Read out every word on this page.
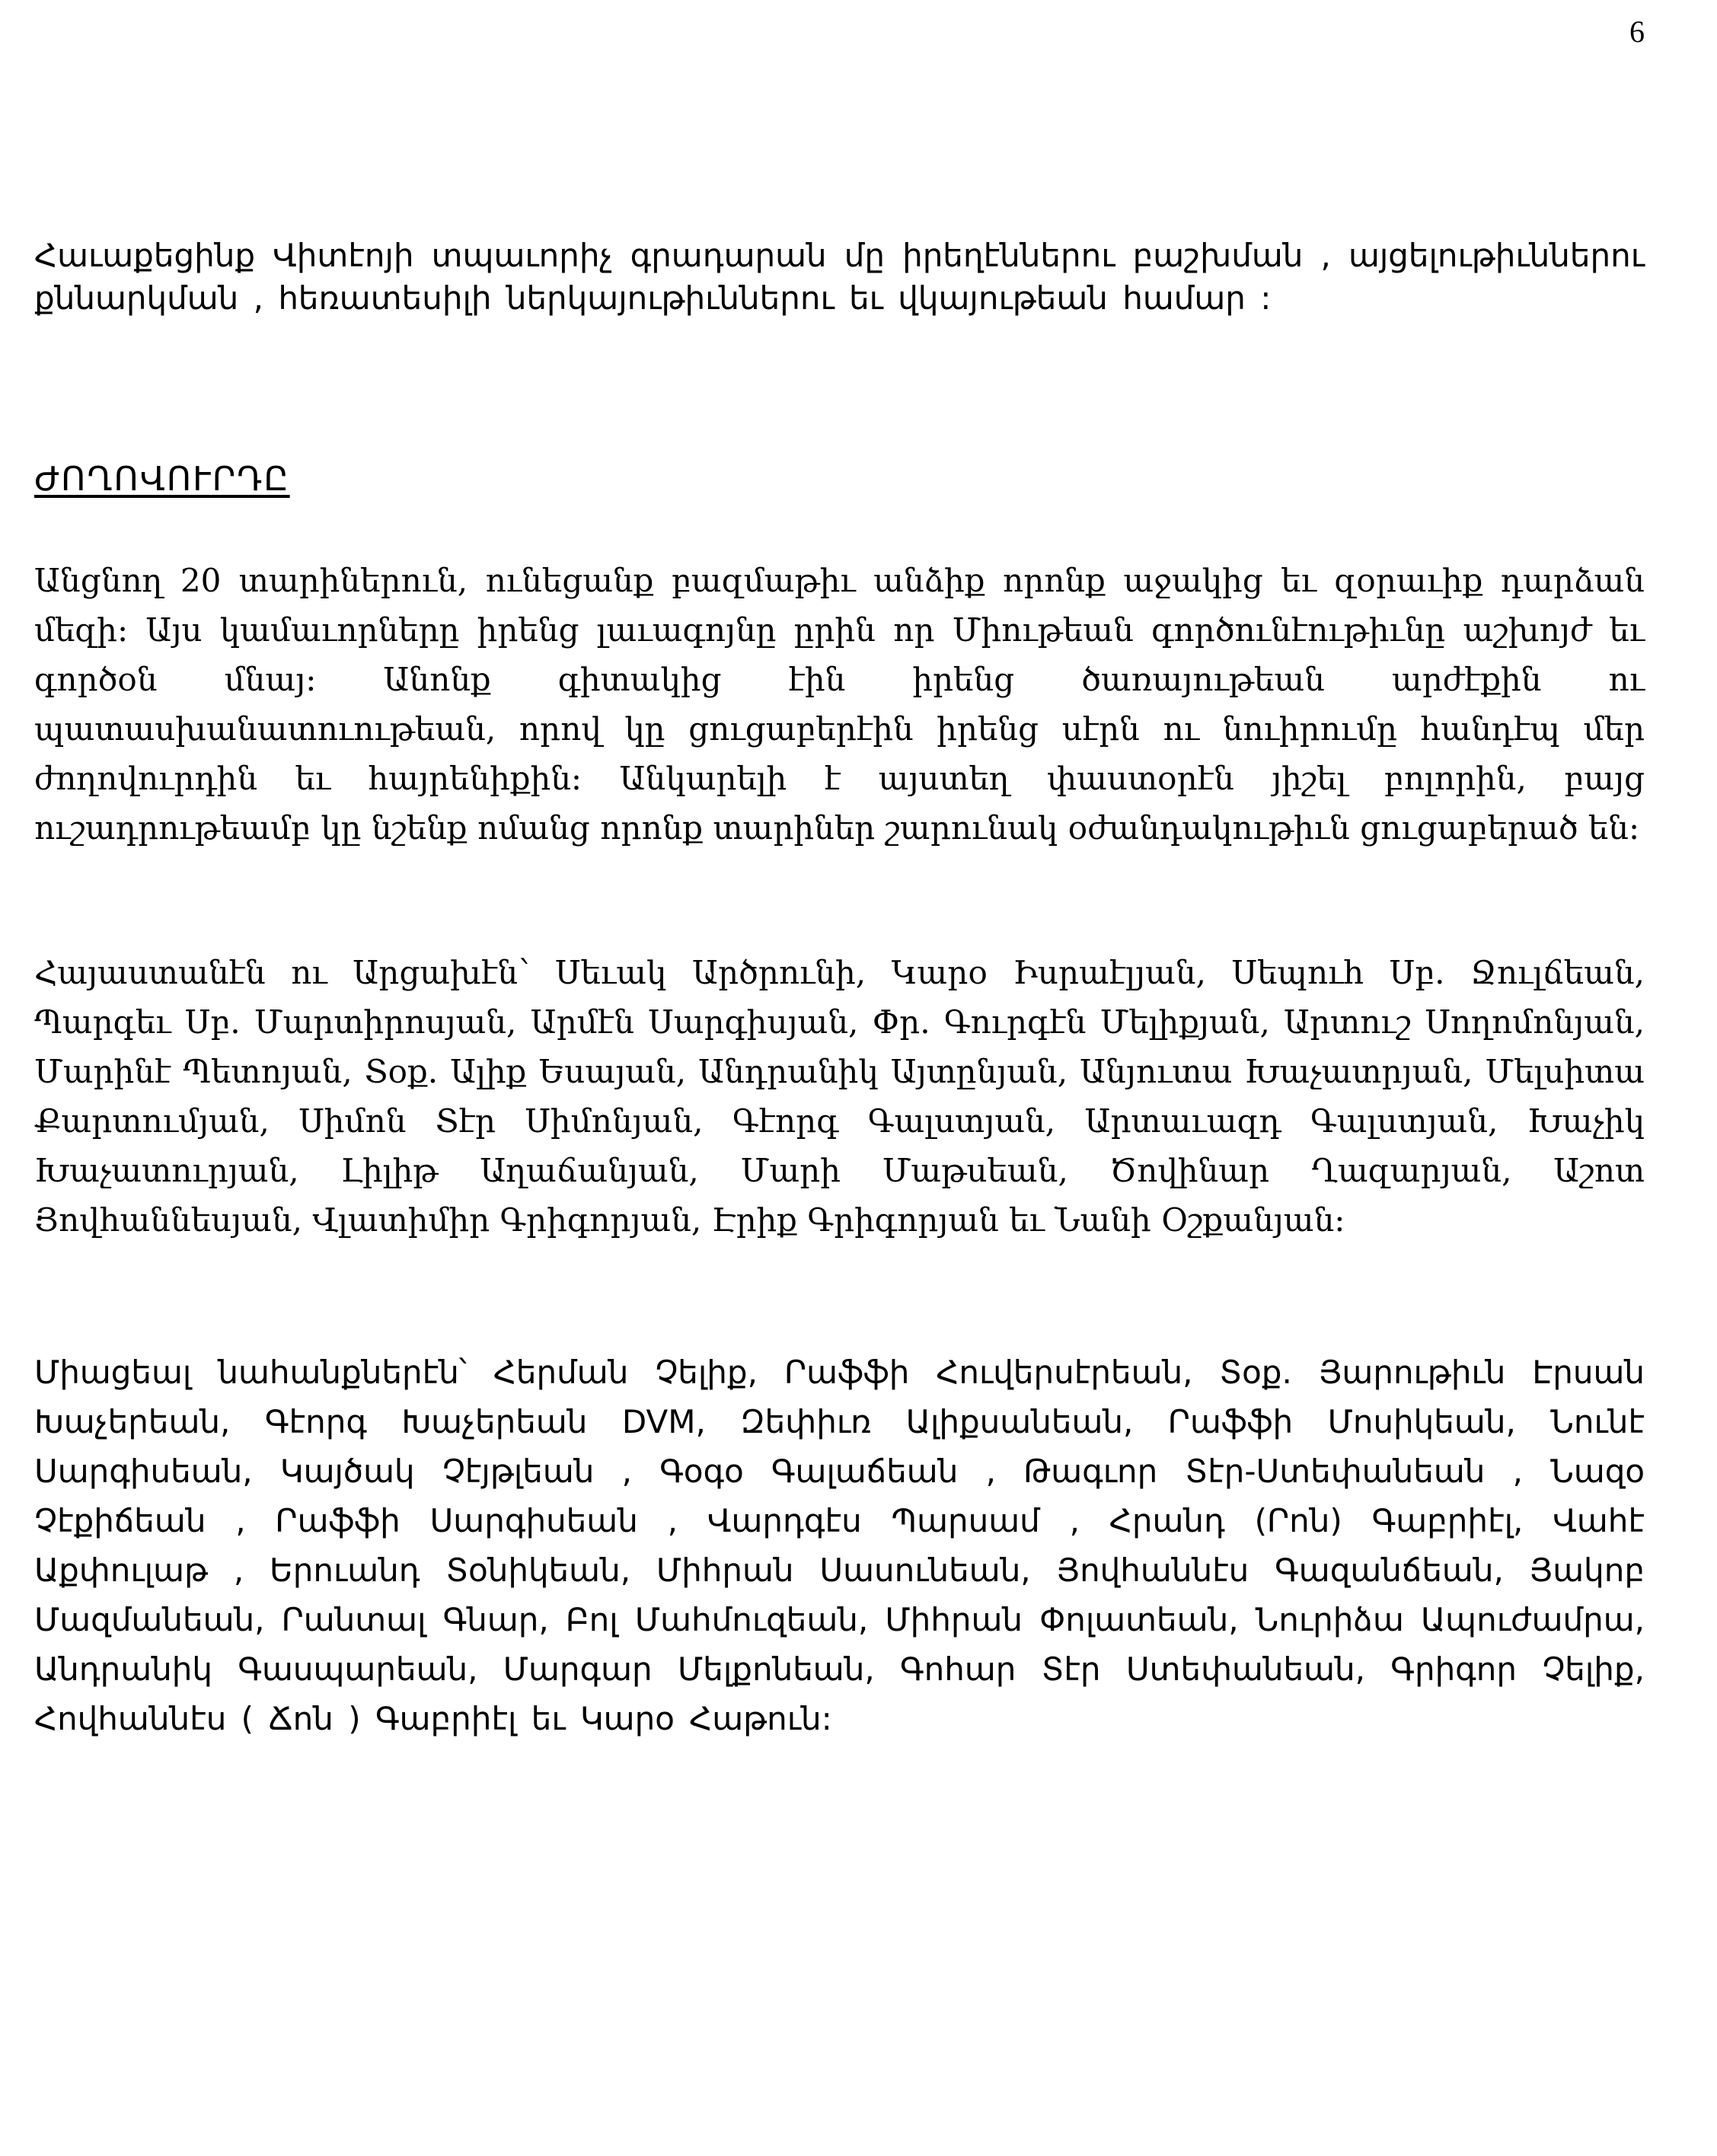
6

Հաւաքեցինք Վիտէոյի տպաւորիչ գրադարան մը իրեղէններու բաշխման , այցելութիւններու քննարկման , հեռատեսիլի ներկայութիւններու եւ վկայութեան համար :

ԺՈՂՈՎՈՒՐԴԸ

Անցնող 20 տարիներուն, ունեցանք բազմաթիւ անձիք որոնք աջակից եւ զօրաւիք դարձան մեզի: Այս կամաւորները իրենց լաւագոյնը ըրին որ Միութեան գործունէութիւնը աշխոյժ եւ գործօն մնայ: Անոնք գիտակից էին իրենց ծառայութեան արժէքին ու պատասխանատուութեան, որով կը ցուցաբերէին իրենց սէրն ու նուիրումը հանդէպ մեր ժողովուրդին եւ հայրենիքին: Անկարելի է այստեղ փաստօրէն յիշել բոլորին, բայց ուշադրութեամբ կը նշենք ոմանց որոնք տարիներ շարունակ օժանդակութիւն ցուցաբերած են:

Հայաստանէն ու Արցախէն՝ Սեւակ Արծրունի, Կարօ Իսրաէլյան, Սեպուհ Սբ. Ջուլճեան, Պարգեւ Սբ. Մարտիրոսյան, Արմէն Սարգիսյան, Փր. Գուրգէն Մելիքյան, Արտուշ Սողոմոնյան, Մարինէ Պետոյան, Տօք. Ալիք Եսայան, Անդրանիկ Այտընյան, Անյուտա Խաչատրյան, Մելսիտա Քարտումյան, Սիմոն Տէր Սիմոնյան, Գէորգ Գալստյան, Արտաւազդ Գալստյան, Խաչիկ Խաչատուրյան, Լիլիթ Աղաճանյան, Մարի Մաթսեան, Ծովինար Ղազարյան, Աշոտ Յովհաննեսյան, Վլատիմիր Գրիգորյան, Էրիք Գրիգորյան եւ Նանի Օշքանյան:

Միացեալ նահանքներէն՝ Հերման Չելիք, Րաֆֆի Հուվերսէրեան, Տօք. Յարութիւն Էրսան Խաչերեան, Գէորգ Խաչերեան DVM, Զեփիւռ Ալիքսանեան, Րաֆֆի Մոսիկեան, Նունէ Սարգիսեան, Կայծակ Չէյթլեան , Գօգօ Գալաճեան , Թագւոր Տէր-Ստեփանեան , Նազօ Չէքիճեան , Րաֆֆի Սարգիսեան , Վարդգէս Պարսամ , Հրանդ (Րոն) Գաբրիէլ, Վահէ Աքփուլաթ , Երուանդ Տօնիկեան, Միհրան Սասունեան, Յովհաննէս Գազանճեան, Յակոբ Մազմանեան, Րանտալ Գնար, Բոլ Մահմուզեան, Միհրան Փոլատեան, Նուրիձա Ապուժամրա, Անդրանիկ Գասպարեան, Մարգար Մելքոնեան, Գոհար Տէր Ստեփանեան, Գրիգոր Չելիք, Հովհաննէս ( Ճոն ) Գաբրիէլ եւ Կարօ Հաթուն:
